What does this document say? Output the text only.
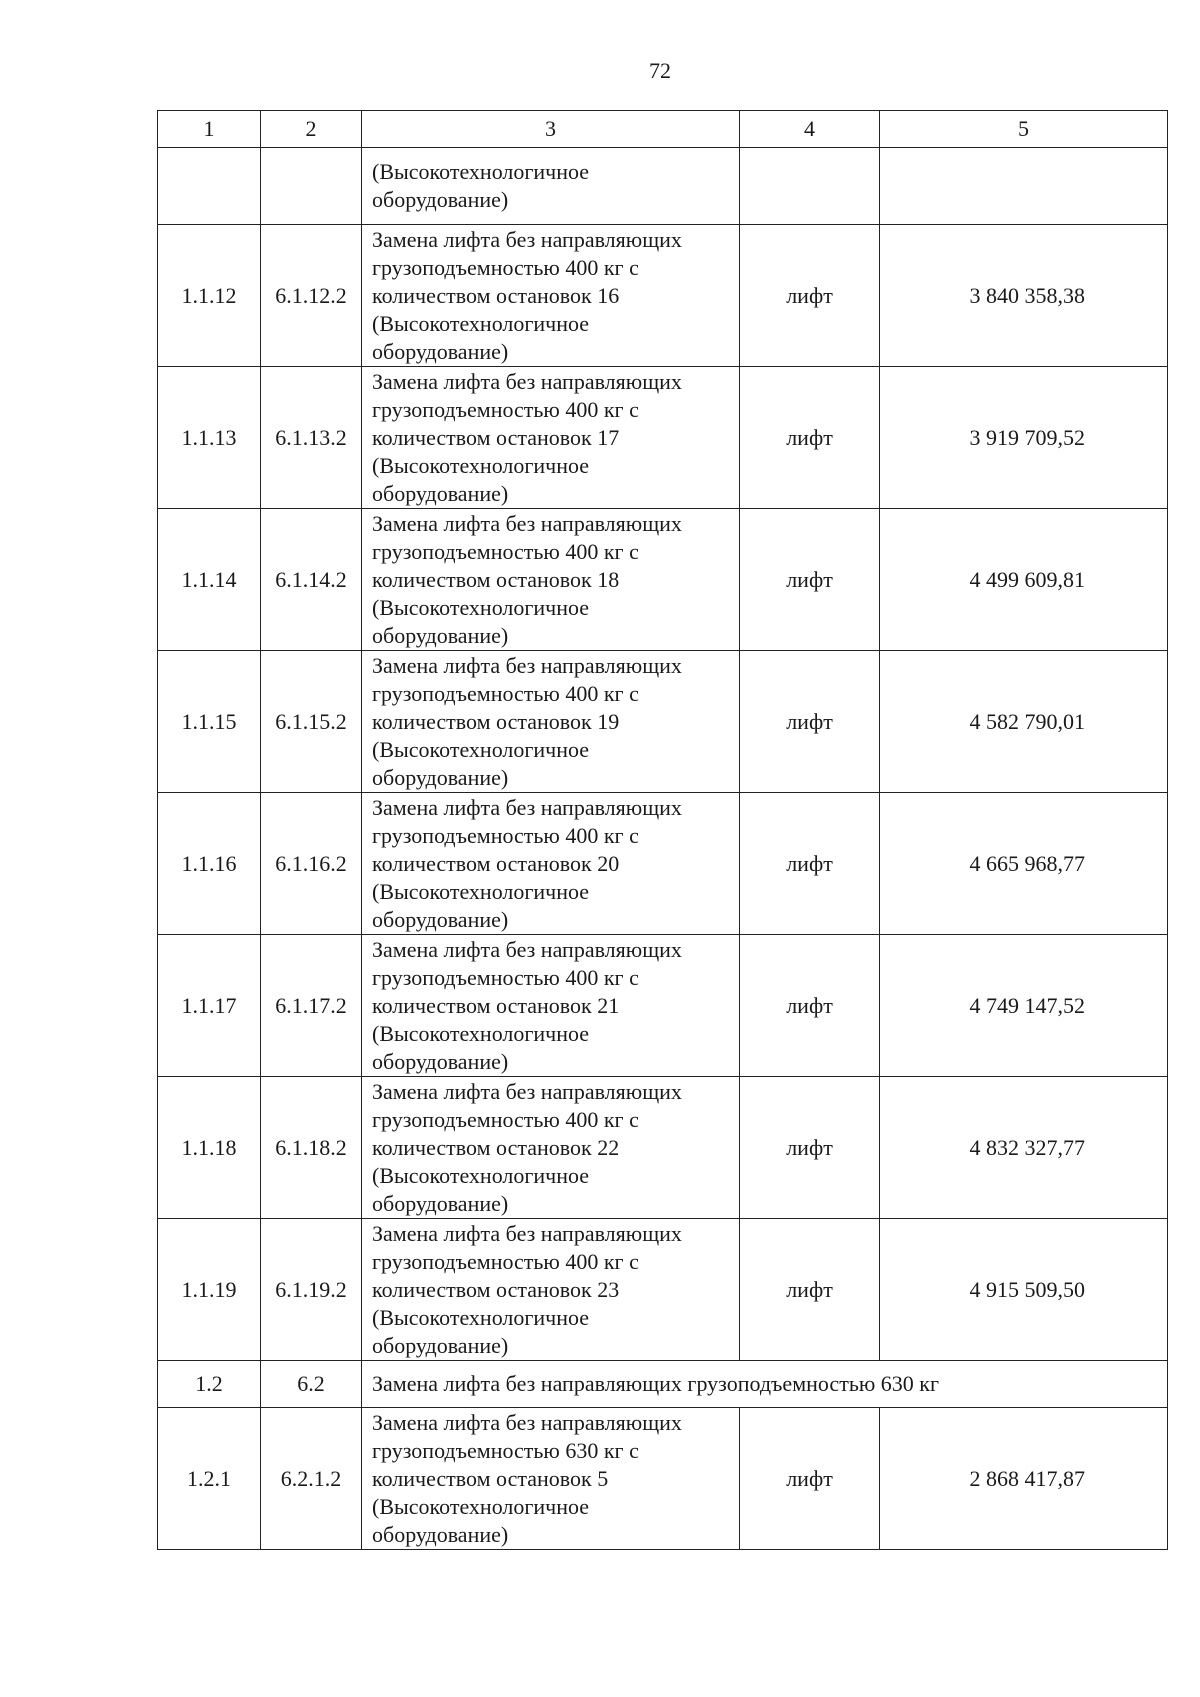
72
1	2	3	4	5

		(Высокотехнологичное
оборудование)		

1.1.12	6.1.12.2	Замена лифта без направляющих
грузоподъемностью 400 кг с
количеством остановок 16
(Высокотехнологичное
оборудование)	лифт	3 840 358,38
1.1.13	6.1.13.2	Замена лифта без направляющих
грузоподъемностью 400 кг с
количеством остановок 17
(Высокотехнологичное
оборудование)	лифт	3 919 709,52
1.1.14	6.1.14.2	Замена лифта без направляющих
грузоподъемностью 400 кг с
количеством остановок 18
(Высокотехнологичное
оборудование)	лифт	4 499 609,81
1.1.15	6.1.15.2	Замена лифта без направляющих
грузоподъемностью 400 кг с
количеством остановок 19
(Высокотехнологичное
оборудование)	лифт	4 582 790,01
1.1.16	6.1.16.2	Замена лифта без направляющих
грузоподъемностью 400 кг с
количеством остановок 20
(Высокотехнологичное
оборудование)	лифт	4 665 968,77
1.1.17	6.1.17.2	Замена лифта без направляющих
грузоподъемностью 400 кг с
количеством остановок 21
(Высокотехнологичное
оборудование)	лифт	4 749 147,52
1.1.18	6.1.18.2	Замена лифта без направляющих
грузоподъемностью 400 кг с
количеством остановок 22
(Высокотехнологичное
оборудование)	лифт	4 832 327,77
1.1.19	6.1.19.2	Замена лифта без направляющих
грузоподъемностью 400 кг с
количеством остановок 23
(Высокотехнологичное
оборудование)	лифт	4 915 509,50
1.2	6.2	Замена лифта без направляющих грузоподъемностью 630 кг		
1.2.1	6.2.1.2	Замена лифта без направляющих
грузоподъемностью 630 кг с
количеством остановок 5
(Высокотехнологичное
оборудование)	лифт	2 868 417,87
